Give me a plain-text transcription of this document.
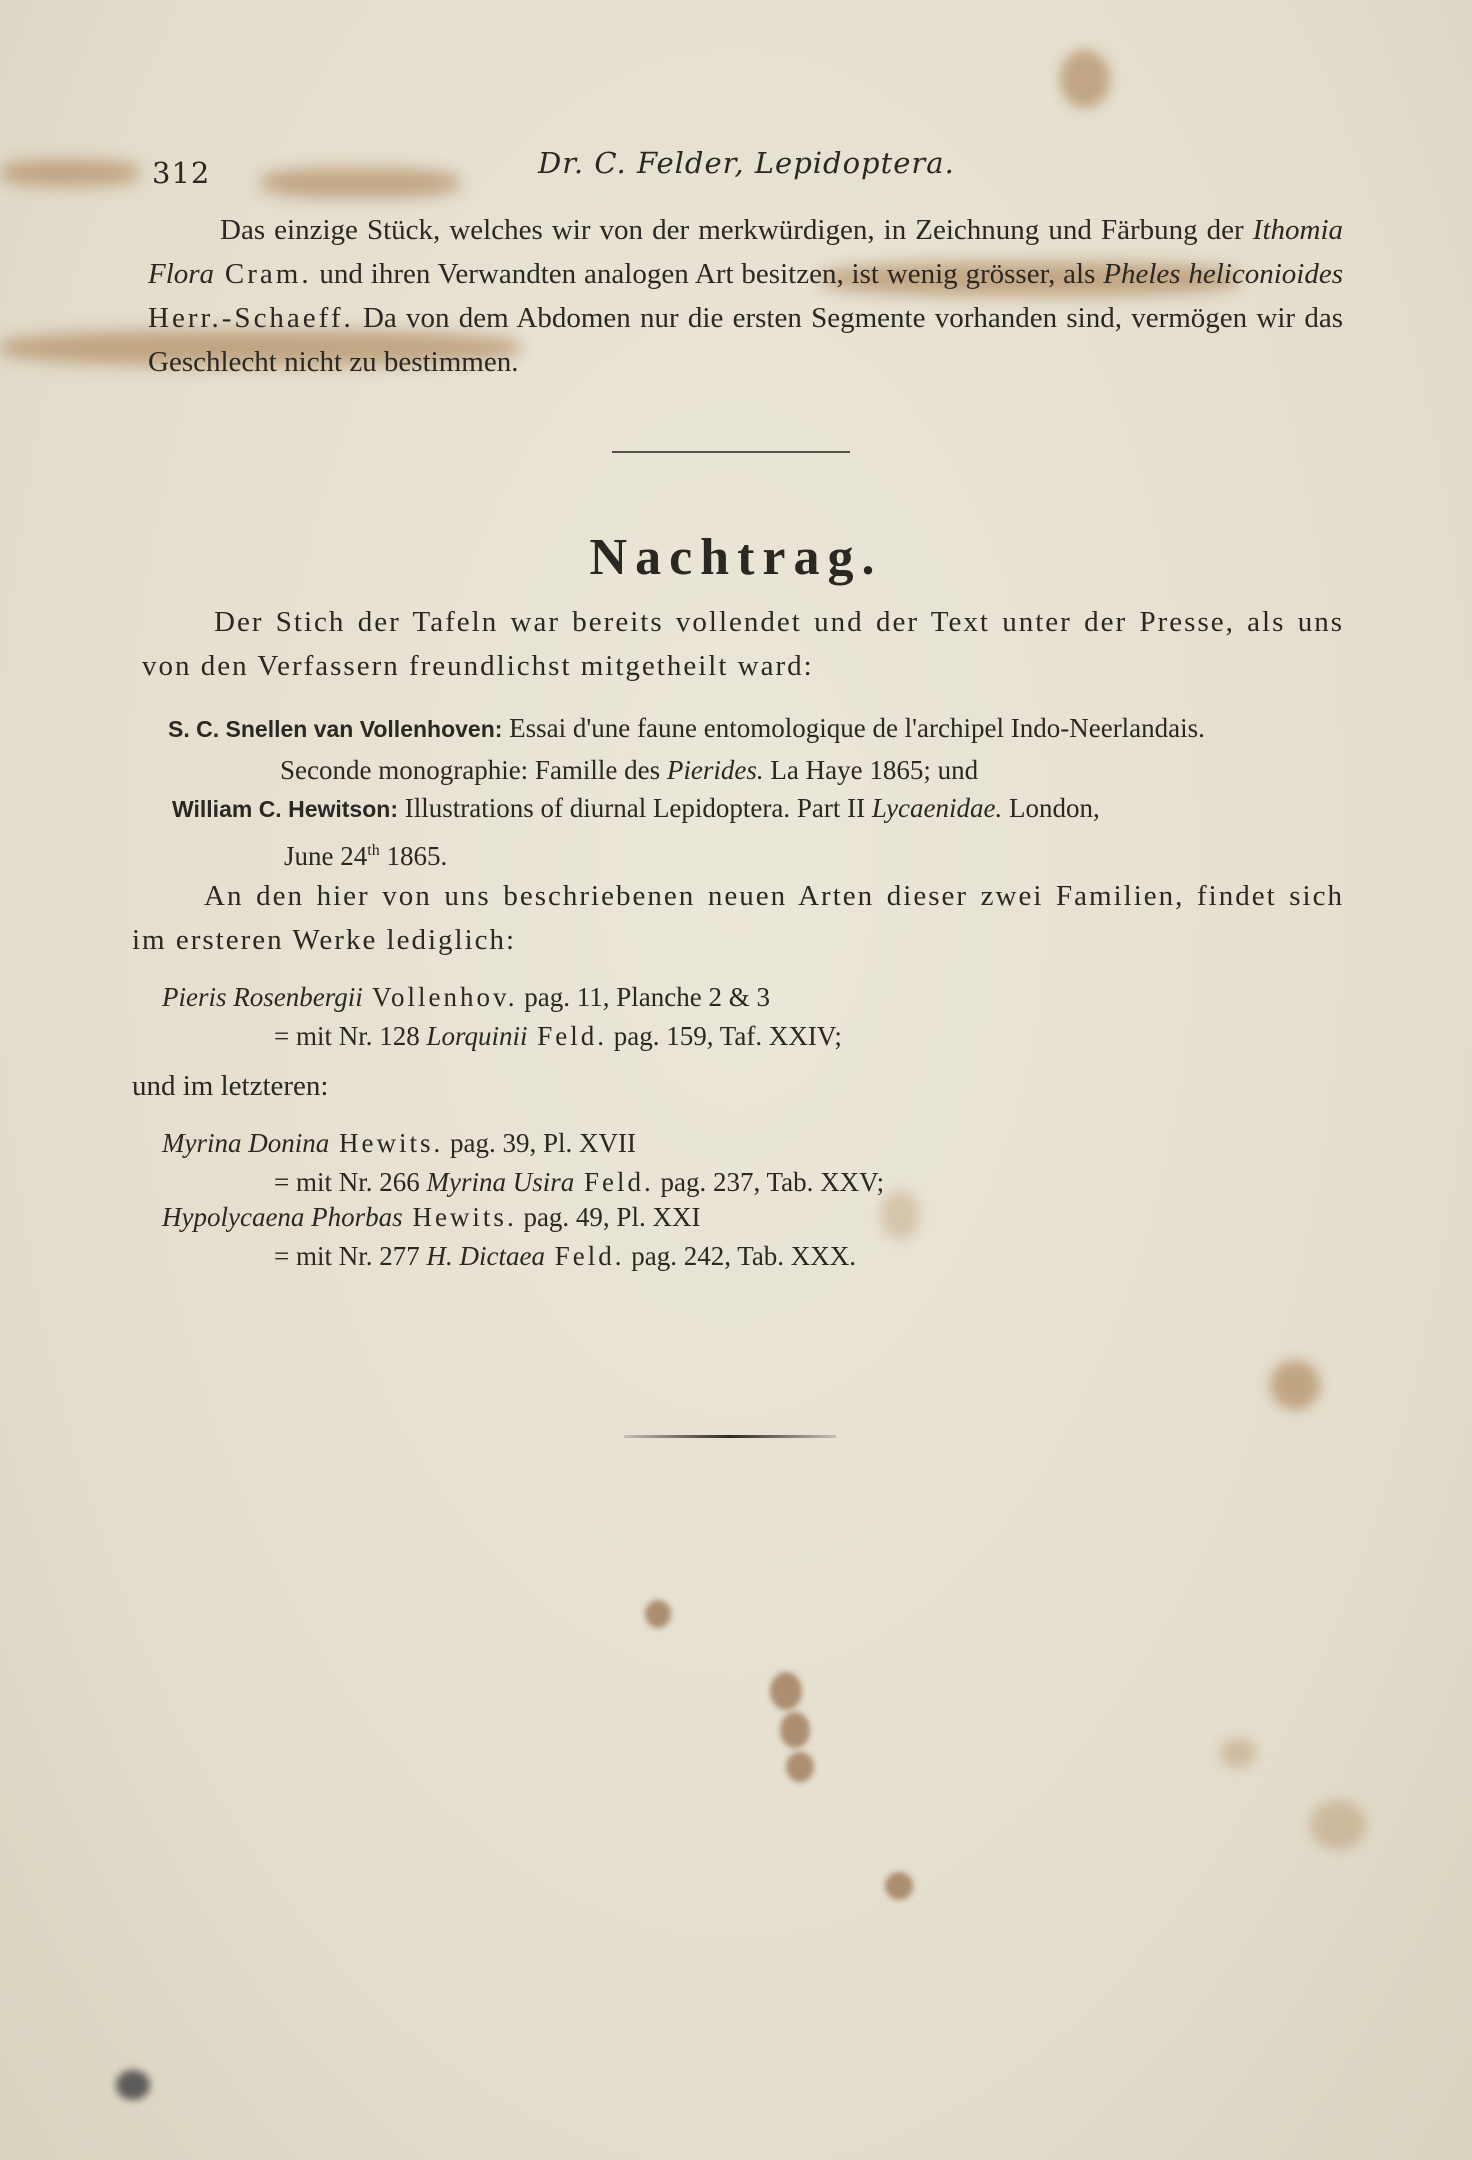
312	Dr. C. Felder, Lepidoptera.
Das einzige Stück, welches wir von der merkwürdigen, in Zeichnung und Färbung der Ithomia Flora Cram. und ihren Verwandten analogen Art besitzen, ist wenig grösser, als Pheles heliconioides Herr.-Schaeff. Da von dem Abdomen nur die ersten Segmente vorhanden sind, vermögen wir das Geschlecht nicht zu bestimmen.
Nachtrag.
Der Stich der Tafeln war bereits vollendet und der Text unter der Presse, als uns von den Verfassern freundlichst mitgetheilt ward:
S. C. Snellen van Vollenhoven: Essai d'une faune entomologique de l'archipel Indo-Neerlandais.
Seconde monographie: Famille des Pierides. La Haye 1865; und
William C. Hewitson: Illustrations of diurnal Lepidoptera. Part II Lycaenidae. London,
June 24th 1865.
An den hier von uns beschriebenen neuen Arten dieser zwei Familien, findet sich im ersteren Werke lediglich:
Pieris Rosenbergii Vollenhov. pag. 11, Planche 2 & 3
= mit Nr. 128 Lorquinii Feld. pag. 159, Taf. XXIV;
und im letzteren:
Myrina Donina Hewits. pag. 39, Pl. XVII
= mit Nr. 266 Myrina Usira Feld. pag. 237, Tab. XXV;
Hypolycaena Phorbas Hewits. pag. 49, Pl. XXI
= mit Nr. 277 H. Dictaea Feld. pag. 242, Tab. XXX.
